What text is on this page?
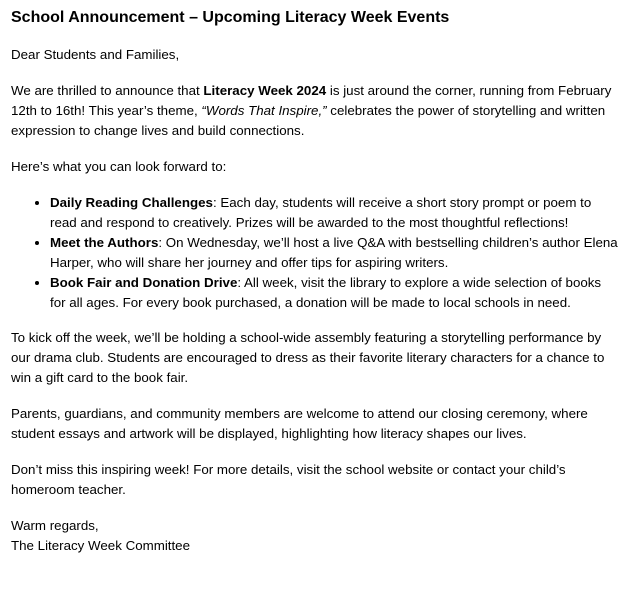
School Announcement – Upcoming Literacy Week Events

Dear Students and Families,

We are thrilled to announce that Literacy Week 2024 is just around the corner, running from February 12th to 16th! This year’s theme, “Words That Inspire,” celebrates the power of storytelling and written expression to change lives and build connections.

Here’s what you can look forward to:

• Daily Reading Challenges: Each day, students will receive a short story prompt or poem to read and respond to creatively. Prizes will be awarded to the most thoughtful reflections!
• Meet the Authors: On Wednesday, we’ll host a live Q&A with bestselling children’s author Elena Harper, who will share her journey and offer tips for aspiring writers.
• Book Fair and Donation Drive: All week, visit the library to explore a wide selection of books for all ages. For every book purchased, a donation will be made to local schools in need.

To kick off the week, we’ll be holding a school-wide assembly featuring a storytelling performance by our drama club. Students are encouraged to dress as their favorite literary characters for a chance to win a gift card to the book fair.

Parents, guardians, and community members are welcome to attend our closing ceremony, where student essays and artwork will be displayed, highlighting how literacy shapes our lives.

Don’t miss this inspiring week! For more details, visit the school website or contact your child’s homeroom teacher.

Warm regards,
The Literacy Week Committee
